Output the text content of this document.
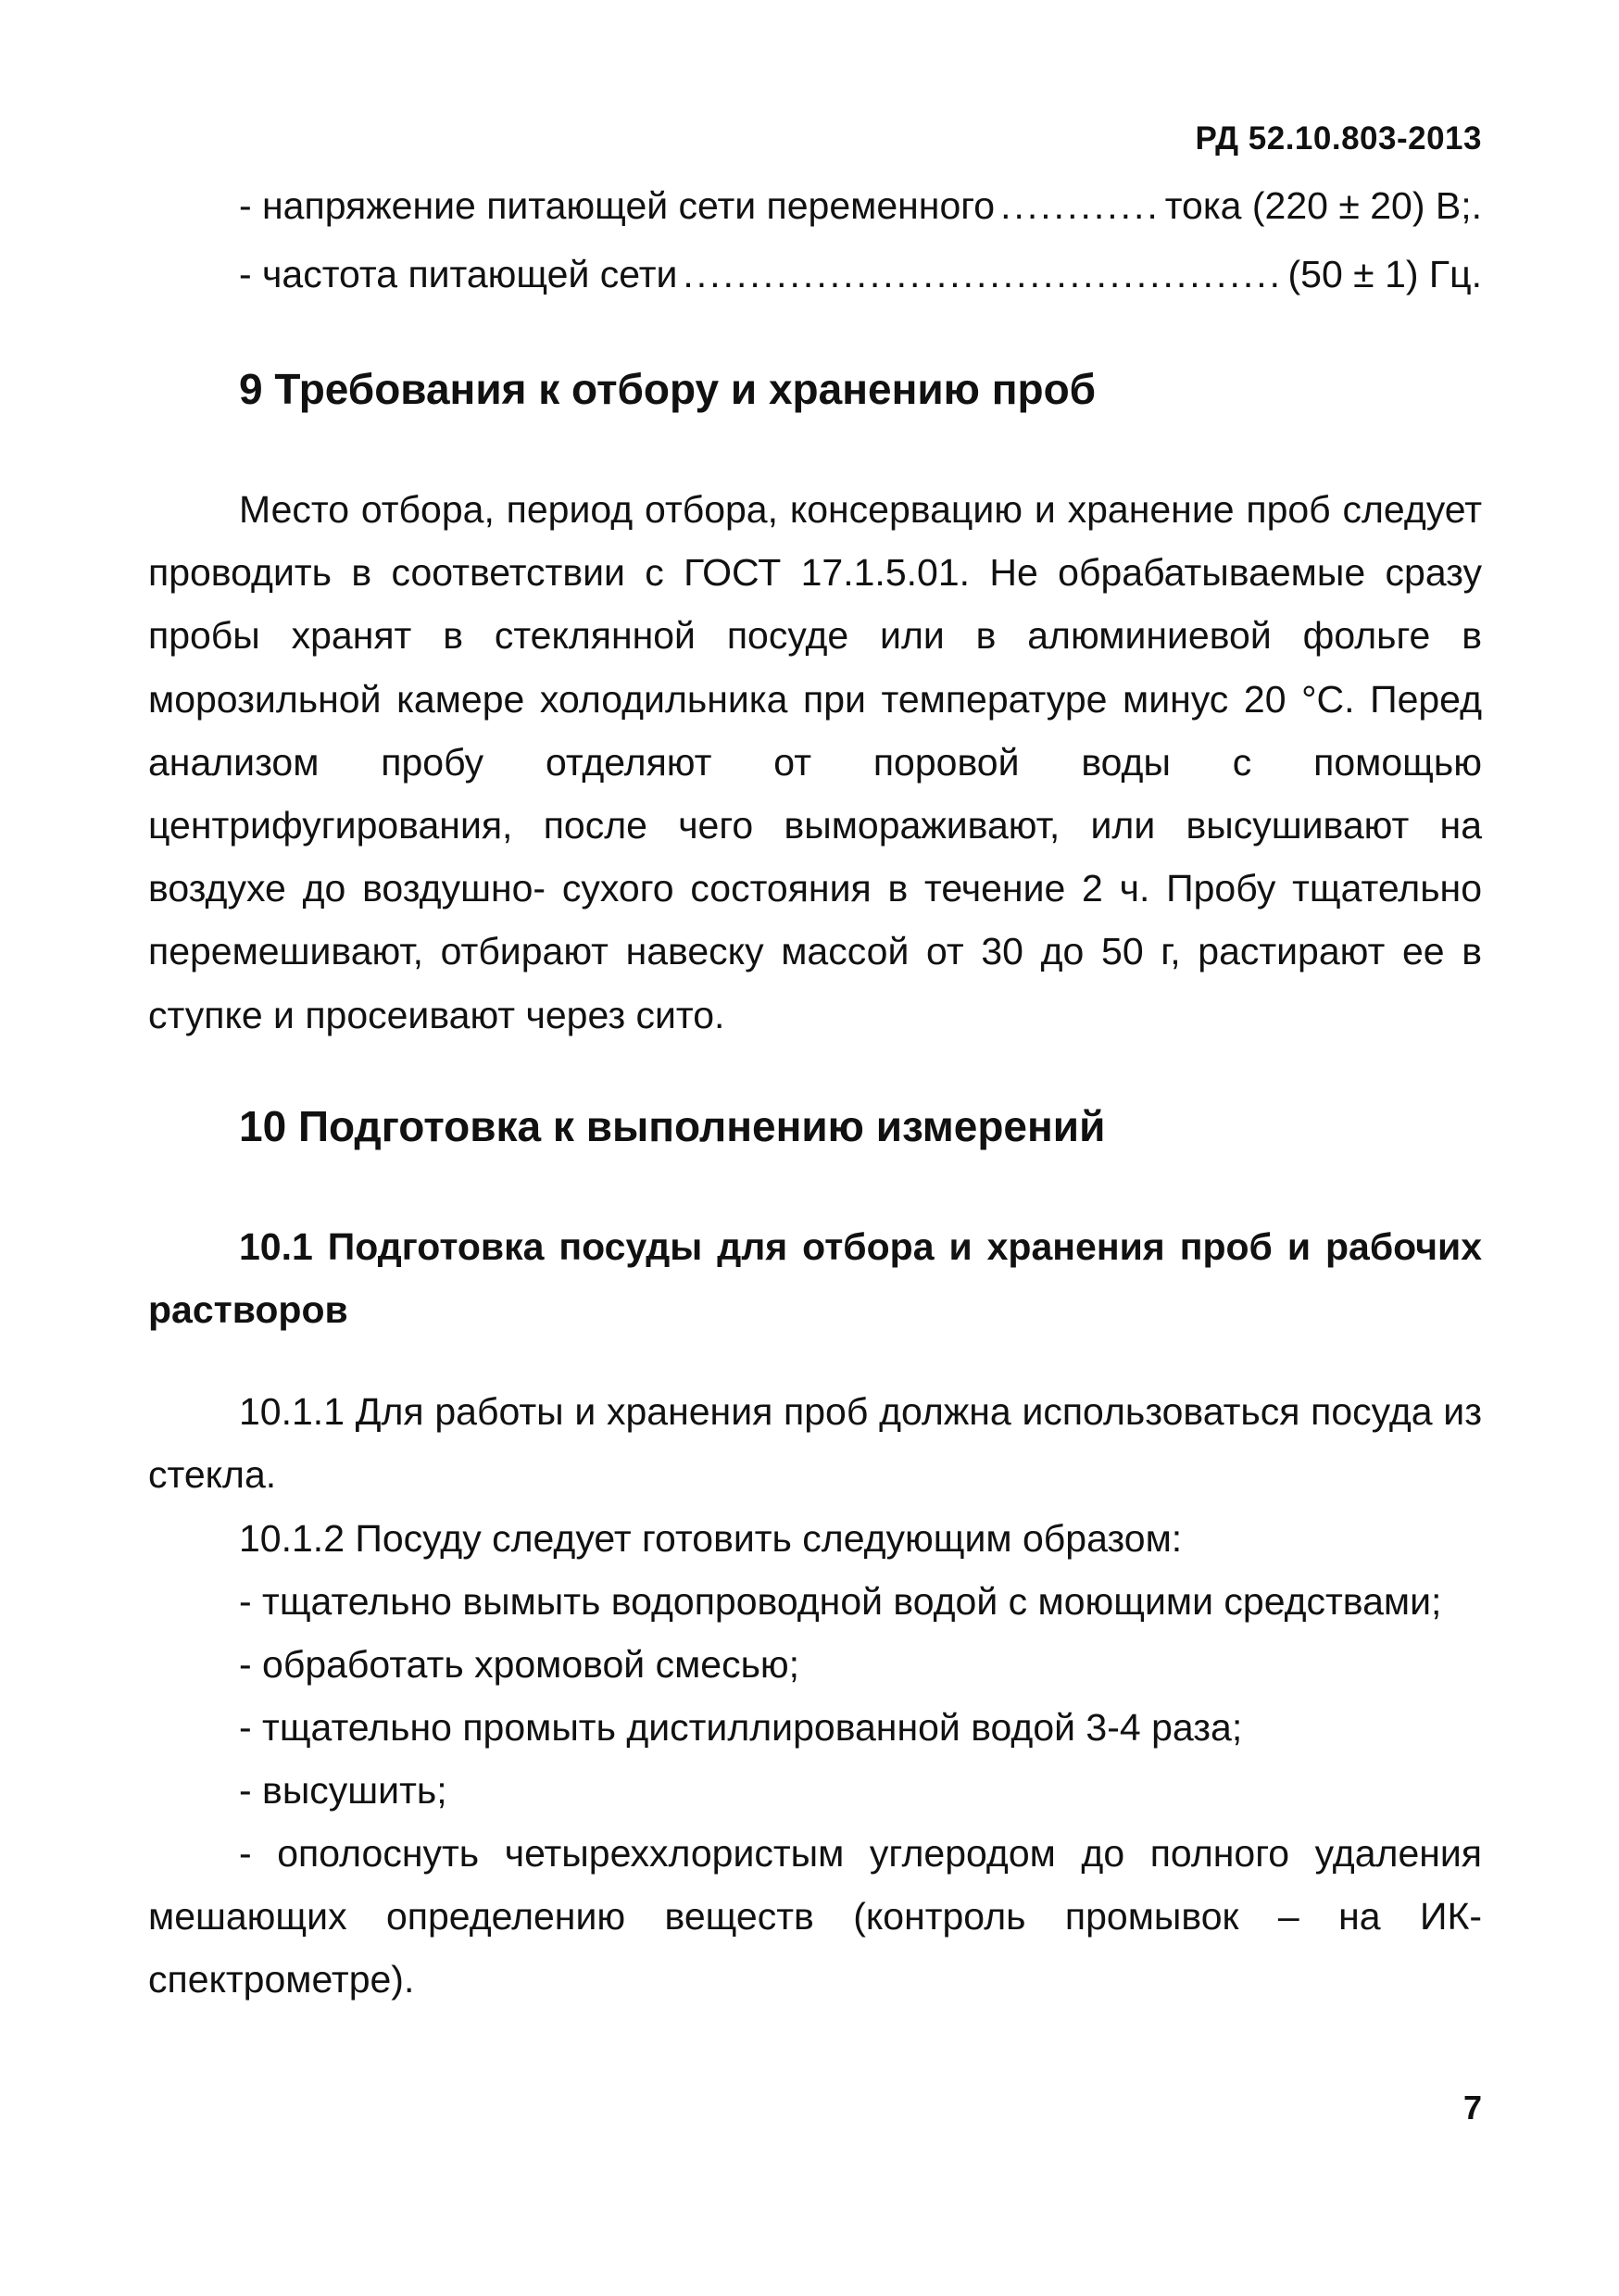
РД 52.10.803-2013
- напряжение питающей сети переменного .....	тока (220 ± 20) В;.
- частота питающей сети .....	(50 ± 1) Гц.
9 Требования к отбору и хранению проб
Место отбора, период отбора, консервацию и хранение проб следует проводить в соответствии с ГОСТ 17.1.5.01. Не обрабатываемые сразу пробы хранят в стеклянной посуде или в алюминиевой фольге в морозильной камере холодильника при температуре минус 20 °С. Перед анализом пробу отделяют от поровой воды с помощью центрифугирования, после чего вымораживают, или высушивают на воздухе до воздушно- сухого состояния в течение 2 ч. Пробу тщательно перемешивают, отбирают навеску массой от 30 до 50 г, растирают ее в ступке и просеивают через сито.
10 Подготовка к выполнению измерений
10.1 Подготовка посуды для отбора и хранения проб и рабочих
растворов
10.1.1 Для работы и хранения проб должна использоваться посуда из стекла.
10.1.2 Посуду следует готовить следующим образом:
- тщательно вымыть водопроводной водой с моющими средствами;
- обработать хромовой смесью;
- тщательно промыть дистиллированной водой 3-4 раза;
- высушить;
- ополоснуть четыреххлористым углеродом до полного удаления мешающих определению веществ (контроль промывок – на ИК-спектрометре).
7
